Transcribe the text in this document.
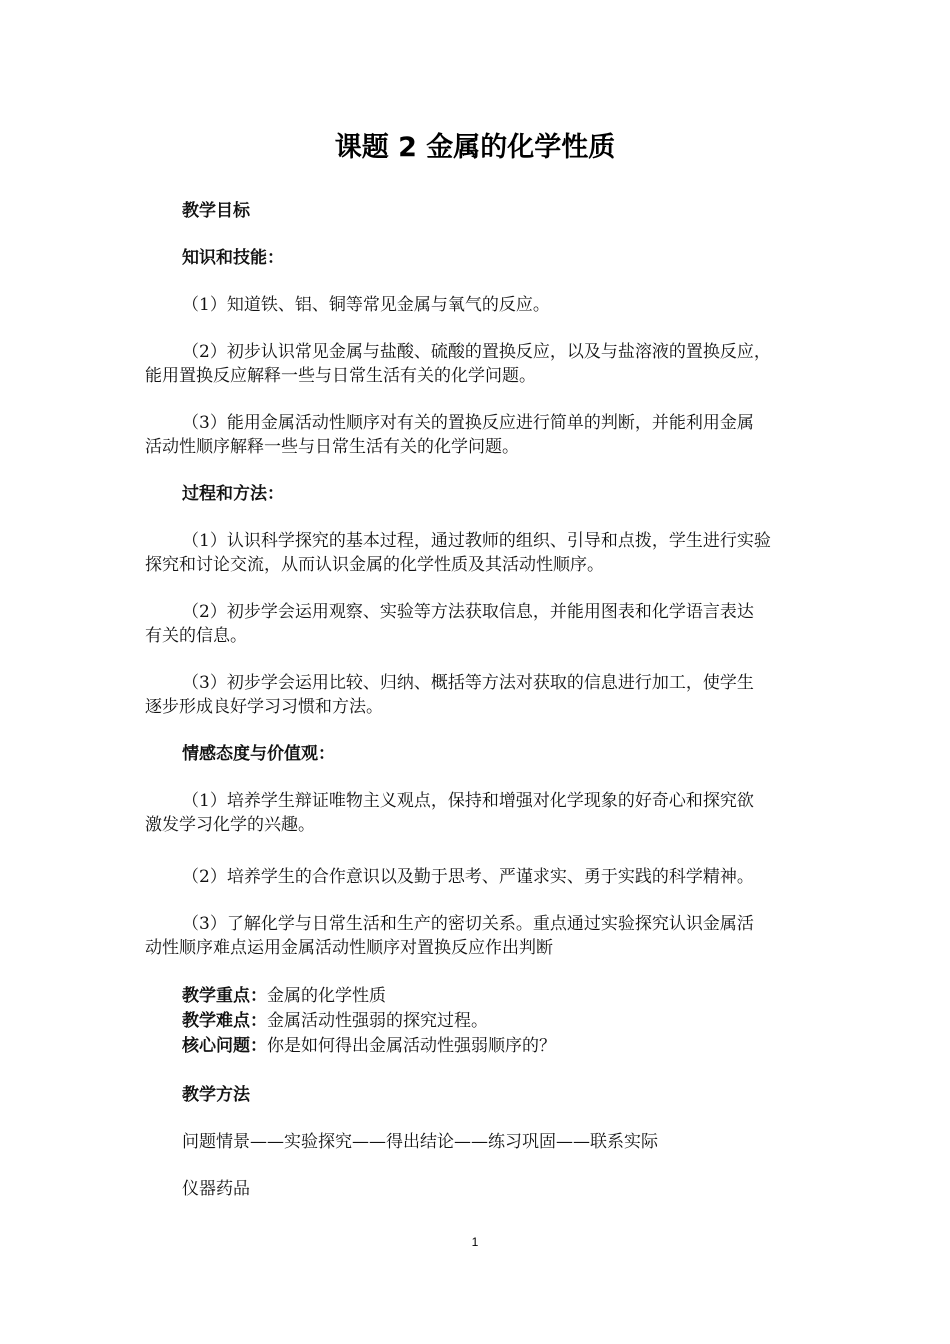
课题 2 金属的化学性质
教学目标
知识和技能：
（1）知道铁、铝、铜等常见金属与氧气的反应。
（2）初步认识常见金属与盐酸、硫酸的置换反应，以及与盐溶液的置换反应，
能用置换反应解释一些与日常生活有关的化学问题。
（3）能用金属活动性顺序对有关的置换反应进行简单的判断，并能利用金属
活动性顺序解释一些与日常生活有关的化学问题。
过程和方法：
（1）认识科学探究的基本过程，通过教师的组织、引导和点拨，学生进行实验
探究和讨论交流，从而认识金属的化学性质及其活动性顺序。
（2）初步学会运用观察、实验等方法获取信息，并能用图表和化学语言表达
有关的信息。
（3）初步学会运用比较、归纳、概括等方法对获取的信息进行加工，使学生
逐步形成良好学习习惯和方法。
情感态度与价值观：
（1）培养学生辩证唯物主义观点，保持和增强对化学现象的好奇心和探究欲
激发学习化学的兴趣。
（2）培养学生的合作意识以及勤于思考、严谨求实、勇于实践的科学精神。
（3）了解化学与日常生活和生产的密切关系。重点通过实验探究认识金属活
动性顺序难点运用金属活动性顺序对置换反应作出判断
教学重点：金属的化学性质
教学难点：金属活动性强弱的探究过程。
核心问题：你是如何得出金属活动性强弱顺序的？
教学方法
问题情景——实验探究——得出结论——练习巩固——联系实际
仪器药品
1
